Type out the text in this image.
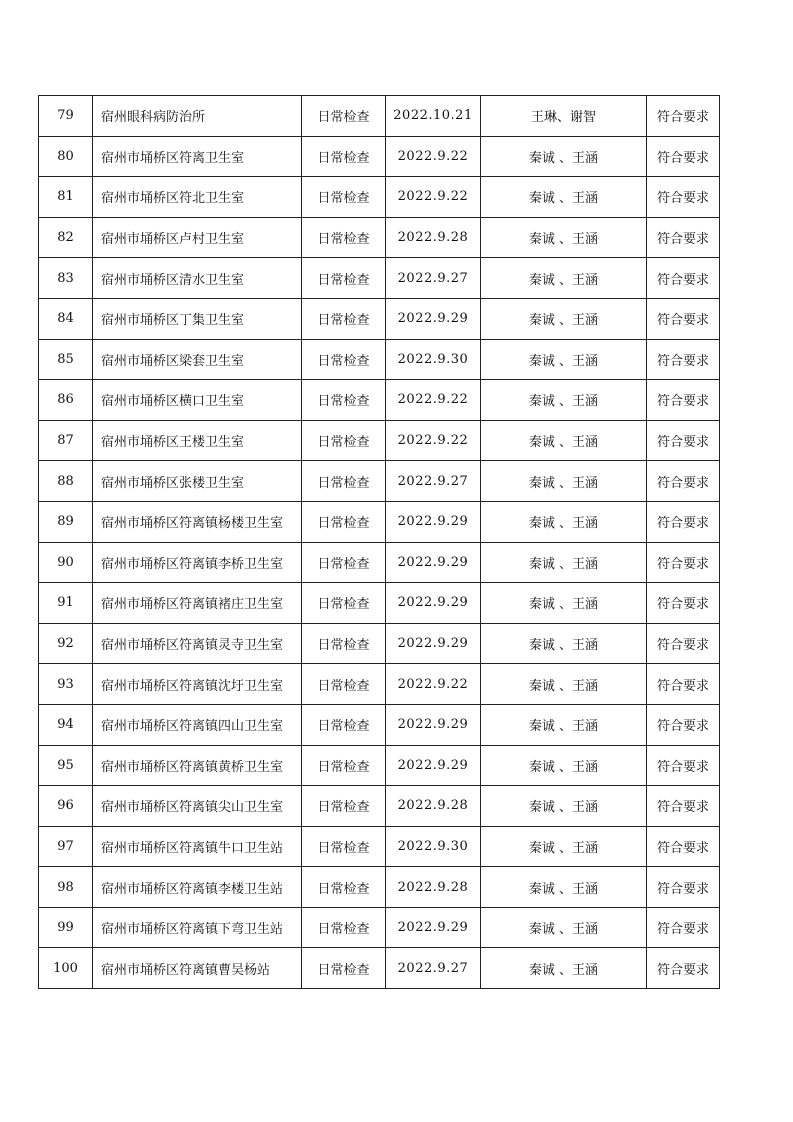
79	宿州眼科病防治所	日常检查	2022.10.21	王琳、谢智	符合要求
80	宿州市埇桥区符离卫生室	日常检查	2022.9.22	秦诚 、王涵	符合要求
81	宿州市埇桥区符北卫生室	日常检查	2022.9.22	秦诚 、王涵	符合要求
82	宿州市埇桥区卢村卫生室	日常检查	2022.9.28	秦诚 、王涵	符合要求
83	宿州市埇桥区清水卫生室	日常检查	2022.9.27	秦诚 、王涵	符合要求
84	宿州市埇桥区丁集卫生室	日常检查	2022.9.29	秦诚 、王涵	符合要求
85	宿州市埇桥区梁套卫生室	日常检查	2022.9.30	秦诚 、王涵	符合要求
86	宿州市埇桥区横口卫生室	日常检查	2022.9.22	秦诚 、王涵	符合要求
87	宿州市埇桥区王楼卫生室	日常检查	2022.9.22	秦诚 、王涵	符合要求
88	宿州市埇桥区张楼卫生室	日常检查	2022.9.27	秦诚 、王涵	符合要求
89	宿州市埇桥区符离镇杨楼卫生室	日常检查	2022.9.29	秦诚 、王涵	符合要求
90	宿州市埇桥区符离镇李桥卫生室	日常检查	2022.9.29	秦诚 、王涵	符合要求
91	宿州市埇桥区符离镇褚庄卫生室	日常检查	2022.9.29	秦诚 、王涵	符合要求
92	宿州市埇桥区符离镇灵寺卫生室	日常检查	2022.9.29	秦诚 、王涵	符合要求
93	宿州市埇桥区符离镇沈圩卫生室	日常检查	2022.9.22	秦诚 、王涵	符合要求
94	宿州市埇桥区符离镇四山卫生室	日常检查	2022.9.29	秦诚 、王涵	符合要求
95	宿州市埇桥区符离镇黄桥卫生室	日常检查	2022.9.29	秦诚 、王涵	符合要求
96	宿州市埇桥区符离镇尖山卫生室	日常检查	2022.9.28	秦诚 、王涵	符合要求
97	宿州市埇桥区符离镇牛口卫生站	日常检查	2022.9.30	秦诚 、王涵	符合要求
98	宿州市埇桥区符离镇李楼卫生站	日常检查	2022.9.28	秦诚 、王涵	符合要求
99	宿州市埇桥区符离镇下弯卫生站	日常检查	2022.9.29	秦诚 、王涵	符合要求
100	宿州市埇桥区符离镇曹吴杨站	日常检查	2022.9.27	秦诚 、王涵	符合要求
